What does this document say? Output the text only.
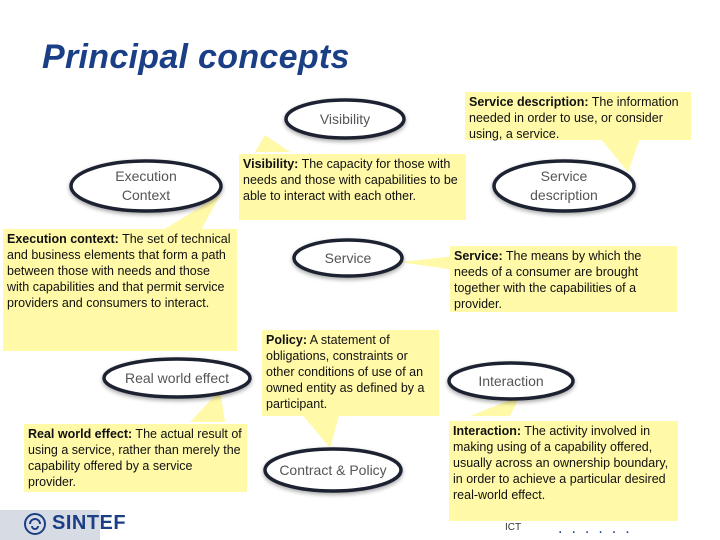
Principal concepts
Visibility
Execution
Context
Service
description
Service
Real world effect	Interaction
Contract & Policy
Service description: The information needed in order to use, or consider using, a service.
Visibility: The capacity for those with needs and those with capabilities to be able to interact with each other.
Execution context: The set of technical and business elements that form a path between those with needs and those with capabilities and that permit service providers and consumers to interact.
Service: The means by which the needs of a consumer are brought together with the capabilities of a provider.
Policy: A statement of obligations, constraints or other conditions of use of an owned entity as defined by a participant.
Real world effect: The actual result of using a service, rather than merely the capability offered by a service provider.
Interaction: The activity involved in making using of a capability offered, usually across an ownership boundary, in order to achieve a particular desired real-world effect.
SINTEF	ICT ......
